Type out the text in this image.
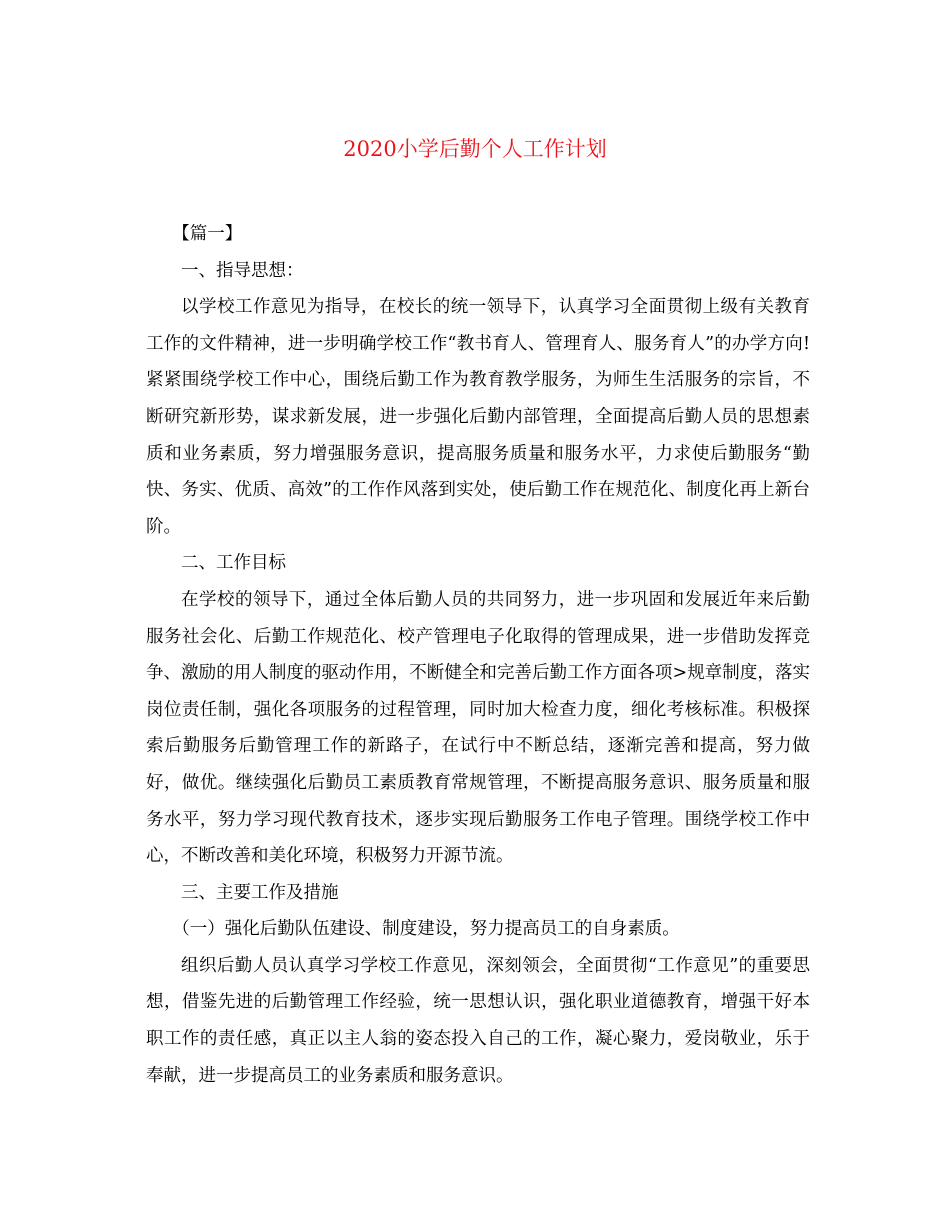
2020小学后勤个人工作计划

【篇一】

一、指导思想：

以学校工作意见为指导，在校长的统一领导下，认真学习全面贯彻上级有关教育工作的文件精神，进一步明确学校工作“教书育人、管理育人、服务育人”的办学方向!紧紧围绕学校工作中心，围绕后勤工作为教育教学服务，为师生生活服务的宗旨，不断研究新形势，谋求新发展，进一步强化后勤内部管理，全面提高后勤人员的思想素质和业务素质，努力增强服务意识，提高服务质量和服务水平，力求使后勤服务“勤快、务实、优质、高效”的工作作风落到实处，使后勤工作在规范化、制度化再上新台阶。

二、工作目标

在学校的领导下，通过全体后勤人员的共同努力，进一步巩固和发展近年来后勤服务社会化、后勤工作规范化、校产管理电子化取得的管理成果，进一步借助发挥竞争、激励的用人制度的驱动作用，不断健全和完善后勤工作方面各项>规章制度，落实岗位责任制，强化各项服务的过程管理，同时加大检查力度，细化考核标准。积极探索后勤服务后勤管理工作的新路子，在试行中不断总结，逐渐完善和提高，努力做好，做优。继续强化后勤员工素质教育常规管理，不断提高服务意识、服务质量和服务水平，努力学习现代教育技术，逐步实现后勤服务工作电子管理。围绕学校工作中心，不断改善和美化环境，积极努力开源节流。

三、主要工作及措施

（一）强化后勤队伍建设、制度建设，努力提高员工的自身素质。

组织后勤人员认真学习学校工作意见，深刻领会，全面贯彻“工作意见”的重要思想，借鉴先进的后勤管理工作经验，统一思想认识，强化职业道德教育，增强干好本职工作的责任感，真正以主人翁的姿态投入自己的工作，凝心聚力，爱岗敬业，乐于奉献，进一步提高员工的业务素质和服务意识。
